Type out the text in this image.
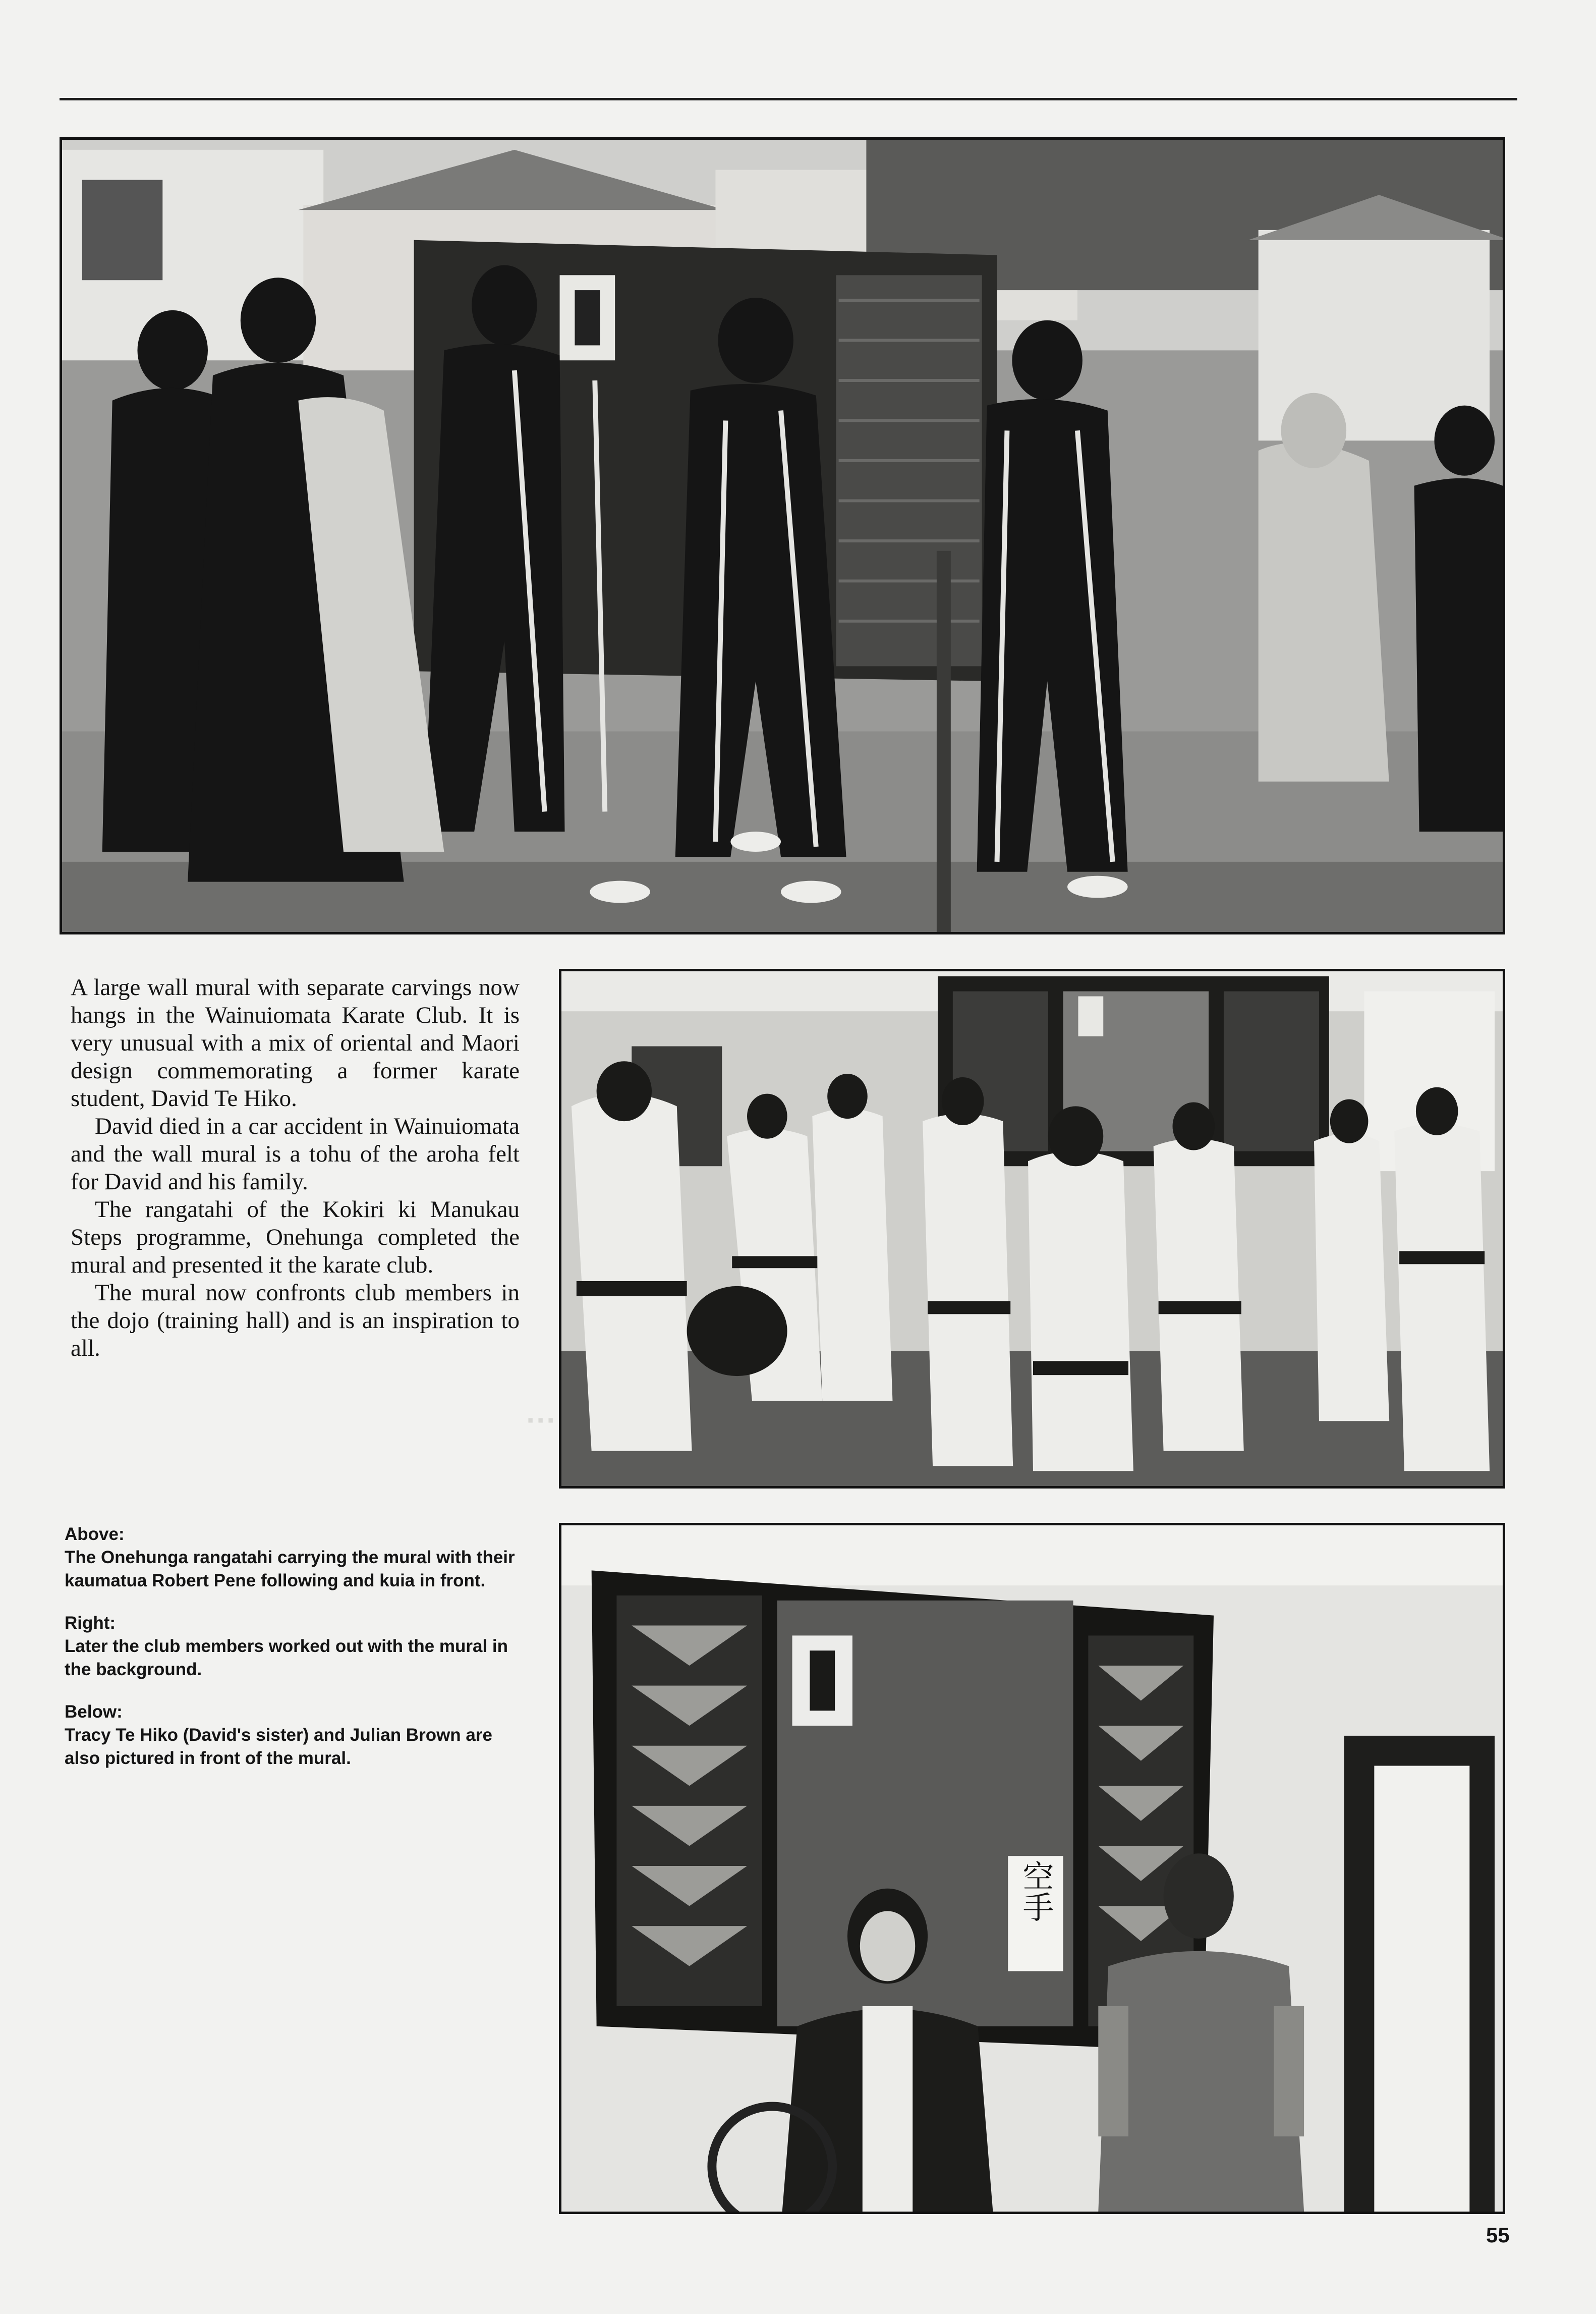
···

A large wall mural with separate carvings now hangs in the Wainuiomata Karate Club. It is very unusual with a mix of oriental and Maori design commemorating a former karate student, David Te Hiko.

David died in a car accident in Wainuiomata and the wall mural is a tohu of the aroha felt for David and his family.

The rangatahi of the Kokiri ki Manukau Steps programme, Onehunga completed the mural and presented it the karate club.

The mural now confronts club members in the dojo (training hall) and is an inspiration to all.

Above:
The Onehunga rangatahi carrying the mural with their kaumatua Robert Pene following and kuia in front.
Right:
Later the club members worked out with the mural in the background.
Below:
Tracy Te Hiko (David's sister) and Julian Brown are also pictured in front of the mural.
空手
55
